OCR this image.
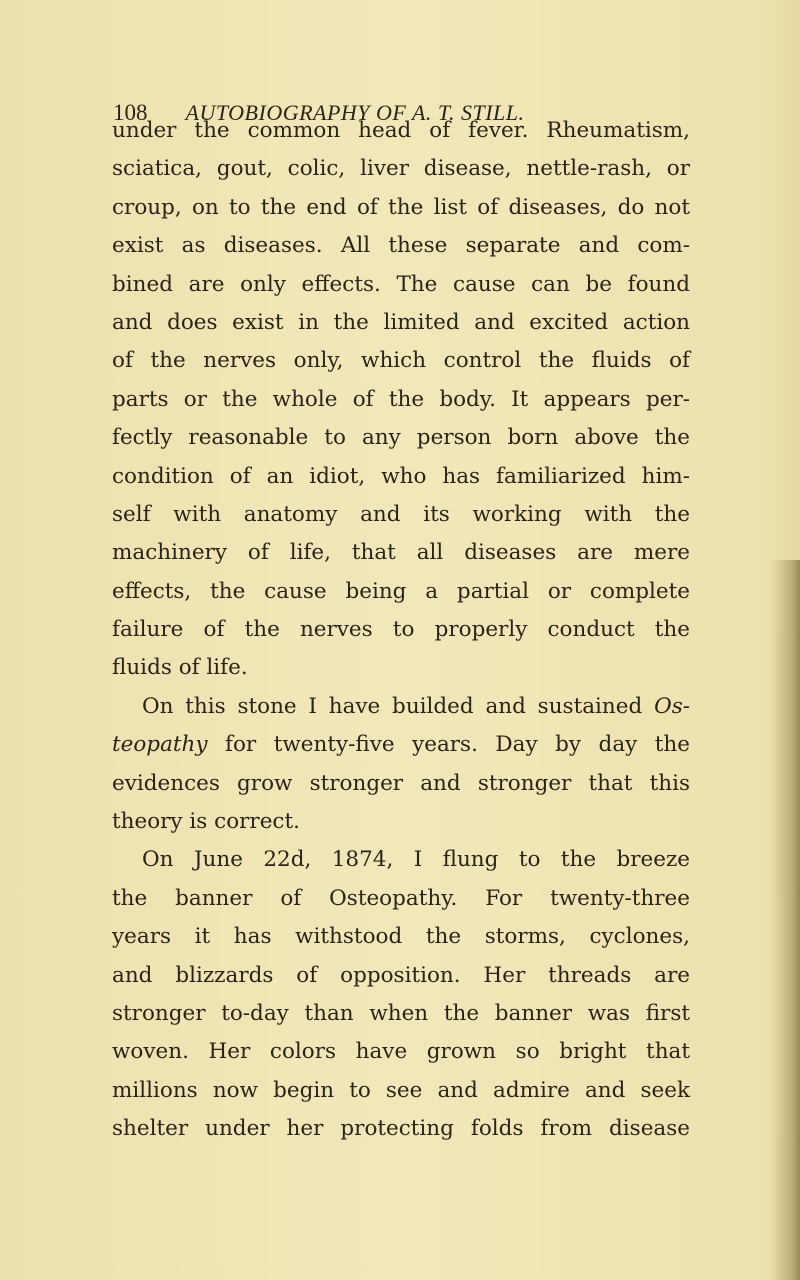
108 AUTOBIOGRAPHY OF A. T. STILL.
under the common head of fever. Rheumatism,
sciatica, gout, colic, liver disease, nettle-rash, or
croup, on to the end of the list of diseases, do not
exist as diseases. All these separate and com-
bined are only effects. The cause can be found
and does exist in the limited and excited action
of the nerves only, which control the fluids of
parts or the whole of the body. It appears per-
fectly reasonable to any person born above the
condition of an idiot, who has familiarized him-
self with anatomy and its working with the
machinery of life, that all diseases are mere
effects, the cause being a partial or complete
failure of the nerves to properly conduct the
fluids of life.
On this stone I have builded and sustained Os-
teopathy for twenty-five years. Day by day the
evidences grow stronger and stronger that this
theory is correct.
On June 22d, 1874, I flung to the breeze
the banner of Osteopathy. For twenty-three
years it has withstood the storms, cyclones,
and blizzards of opposition. Her threads are
stronger to-day than when the banner was first
woven. Her colors have grown so bright that
millions now begin to see and admire and seek
shelter under her protecting folds from disease
